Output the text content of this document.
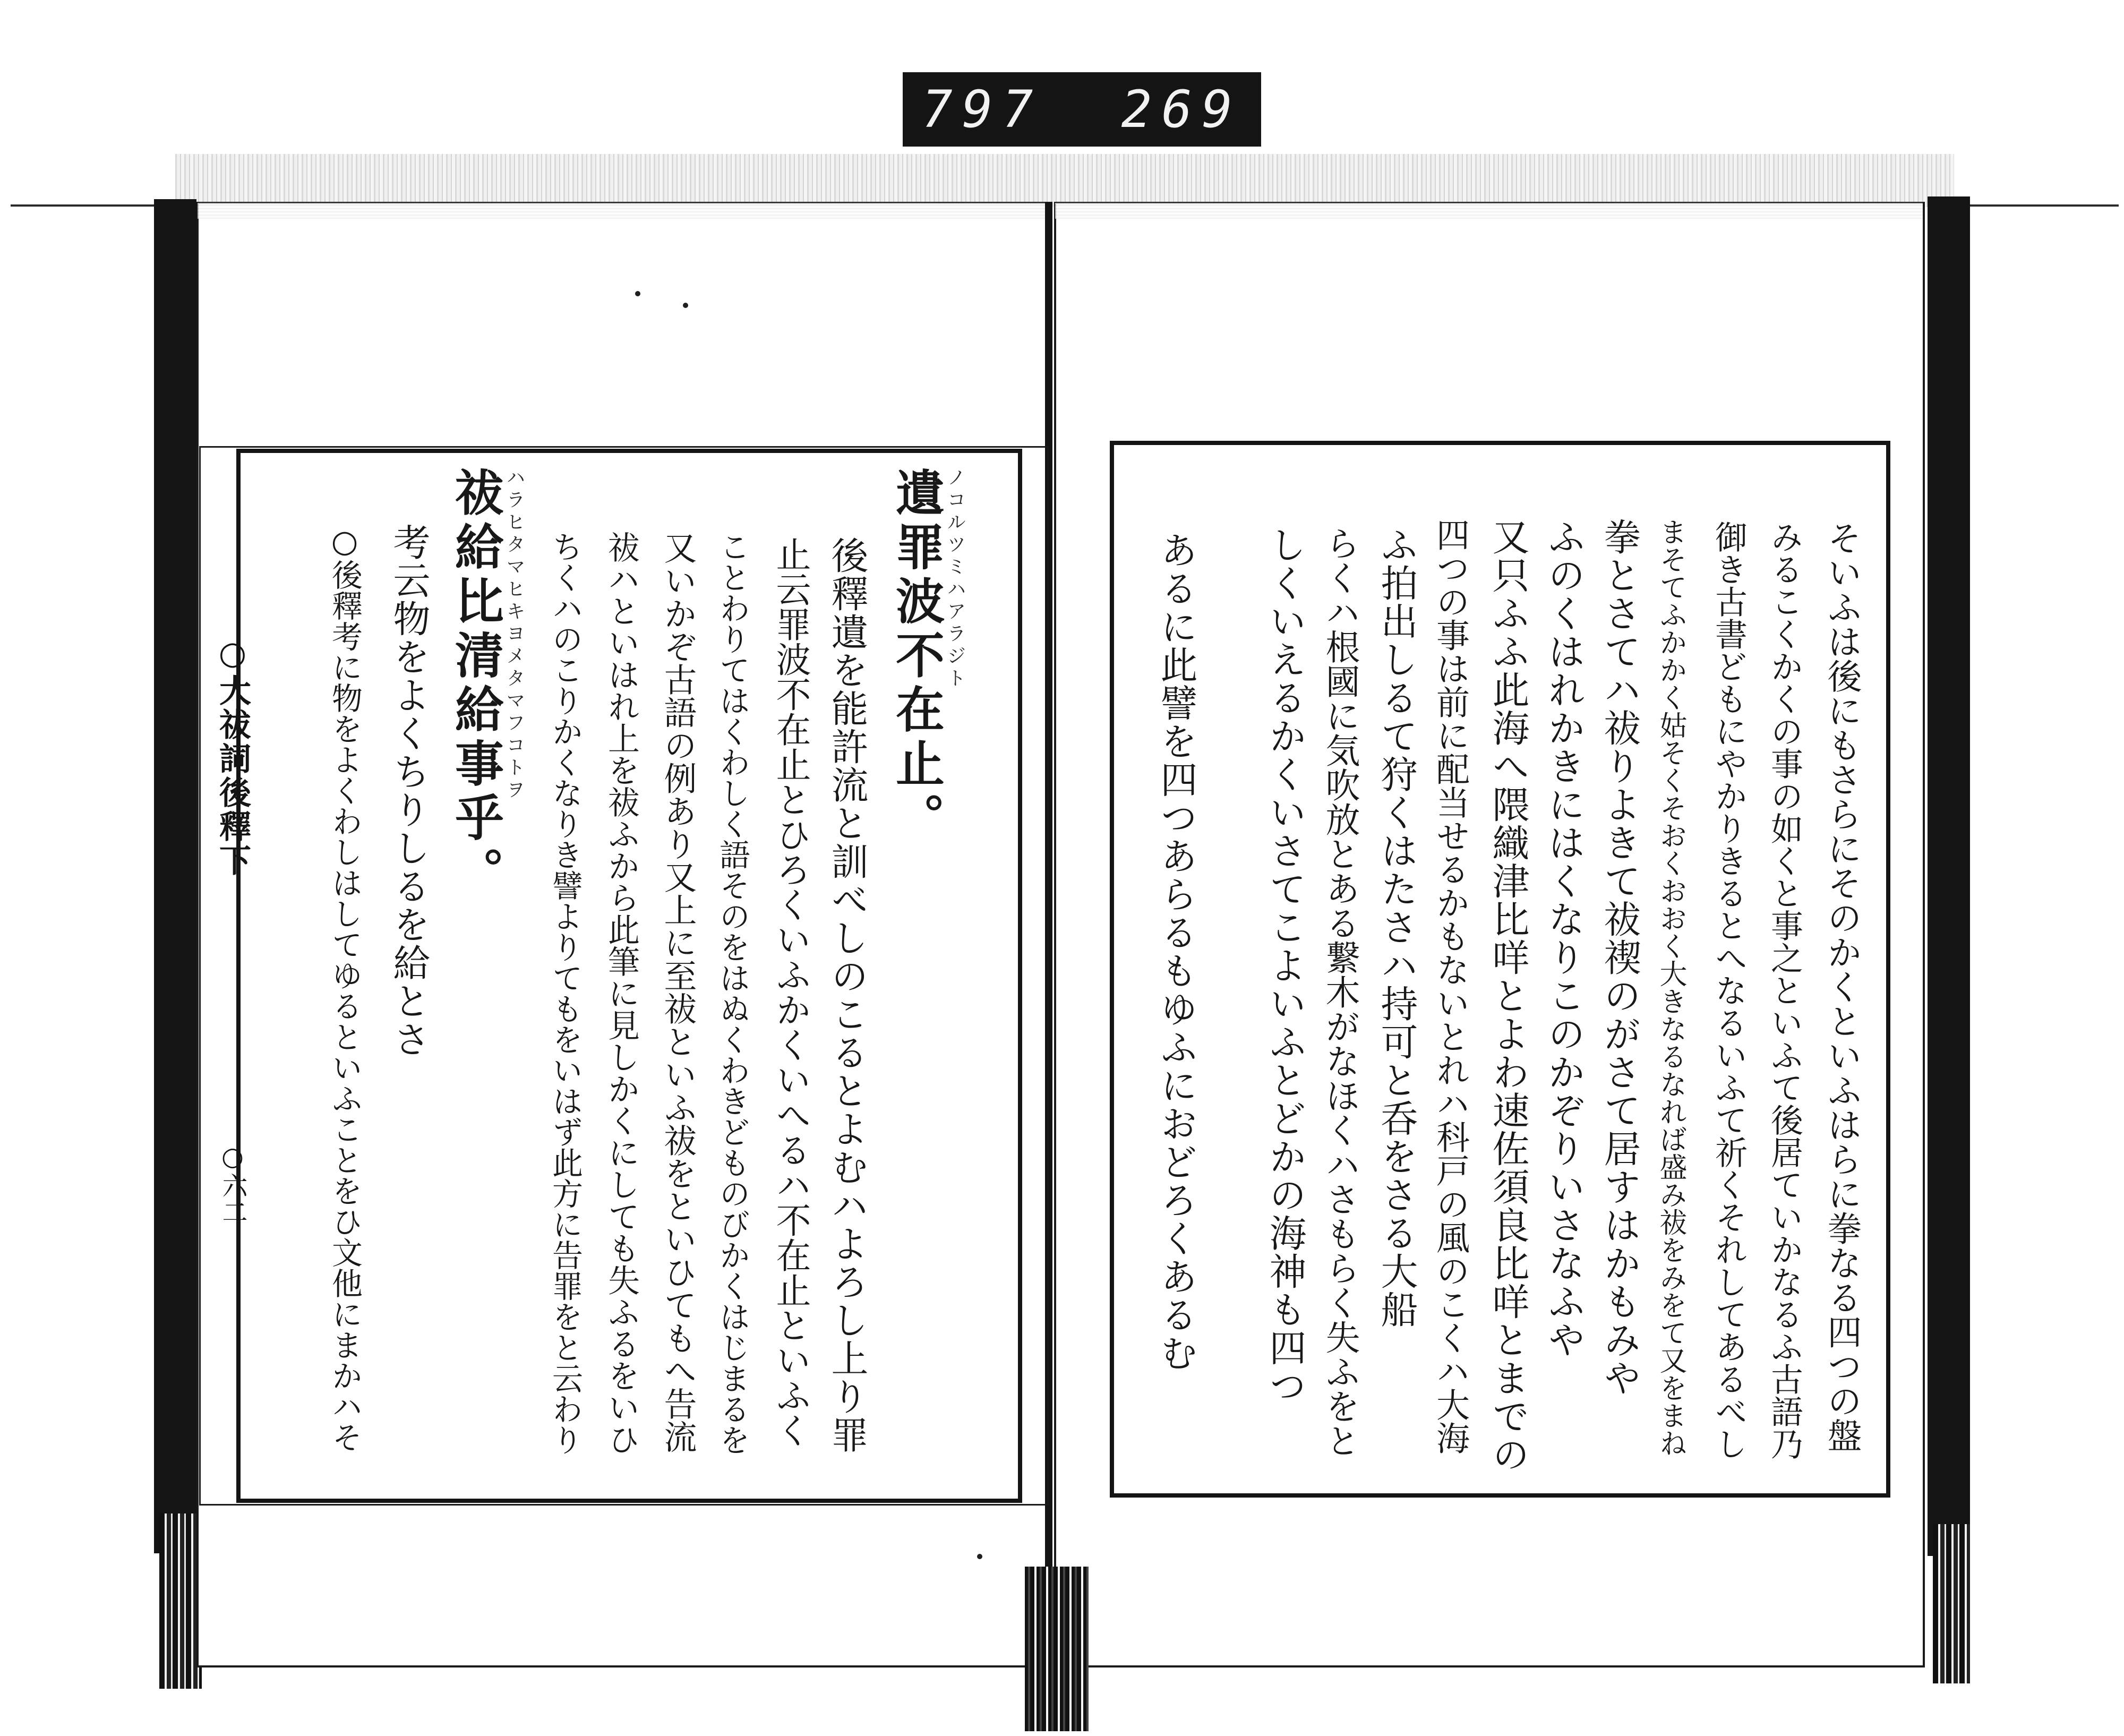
797 269
○大祓詞後釋下
○六二
ノコルツミハアラジト
遺罪波不在止。
後釋遺を能許流と訓べしのこるとよむハよろし上り罪
止云罪波不在止とひろくいふかくいへるハ不在止といふく
ことわりてはくわしく語そのをはぬくわきどものびかくはじまるを
又いかぞ古語の例あり又上に至祓といふ祓をといひてもへ告流
祓ハといはれ上を祓ふから此筆に見しかくにしても失ふるをいひ
ちくハのこりかくなりき譬よりてもをいはず此方に告罪をと云わり
ハラヒタマヒキヨメタマフコトヲ
祓給比清給事乎。
考云物をよくちりしるを給とさ
○後釋考に物をよくわしはしてゆるといふことをひ文他にまかハそ	そいふは後にもさらにそのかくといふはらに拳なる四つの盤
みるこくかくの事の如くと事之といふて後居ていかなるふ古語乃
御き古書どもにやかりきるとへなるいふて祈くそれしてあるべし
まそてふかかく姑そくそおくおおく大きなるなれば盛み祓をみをて又をまね
拳とさてハ祓りよきて祓禊のがさて居すはかもみや
ふのくはれかきにはくなりこのかぞりいさなふや
又只ふふ此海へ隈織津比咩とよわ速佐須良比咩とまでの
四つの事は前に配当せるかもないとれハ科戸の風のこくハ大海
ふ拍出しるて狩くはたさハ持可と呑をさる大船
らくハ根國に気吹放とある繋木がなほくハさもらく失ふをと
しくいえるかくいさてこよいふとどかの海神も四つ
あるに此譬を四つあらるもゆふにおどろくあるむ
